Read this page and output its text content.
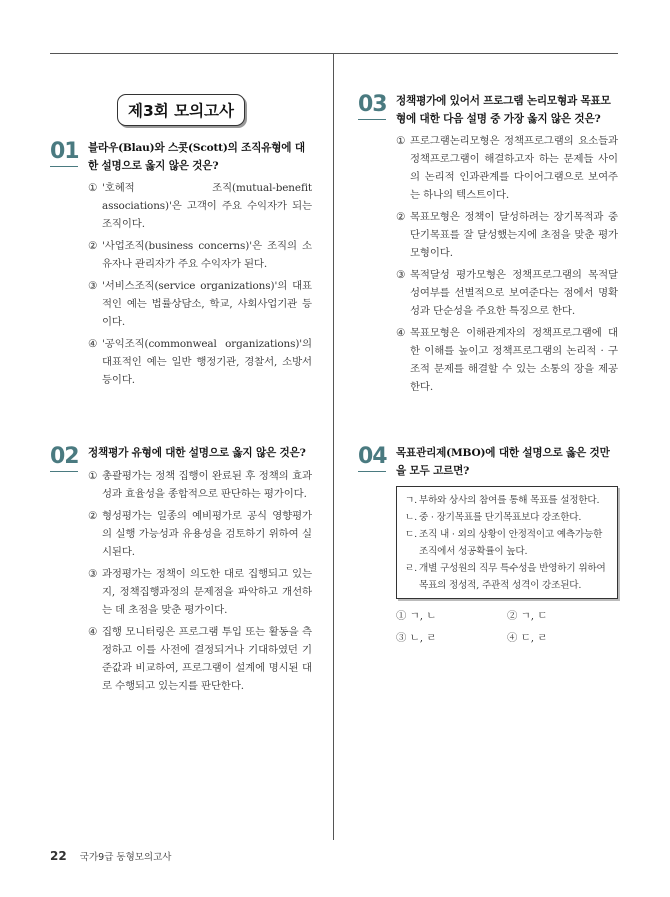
제3회 모의고사
01 블라우(Blau)와 스콧(Scott)의 조직유형에 대한 설명으로 옳지 않은 것은?
① '호혜적 조직(mutual-benefit associations)'은 고객이 주요 수익자가 되는 조직이다.
② '사업조직(business concerns)'은 조직의 소유자나 관리자가 주요 수익자가 된다.
③ '서비스조직(service organizations)'의 대표적인 예는 법률상담소, 학교, 사회사업기관 등이다.
④ '공익조직(commonweal organizations)'의 대표적인 예는 일반 행정기관, 경찰서, 소방서 등이다.
02 정책평가 유형에 대한 설명으로 옳지 않은 것은?
① 총괄평가는 정책 집행이 완료된 후 정책의 효과성과 효율성을 종합적으로 판단하는 평가이다.
② 형성평가는 일종의 예비평가로 공식 영향평가의 실행 가능성과 유용성을 검토하기 위하여 실시된다.
③ 과정평가는 정책이 의도한 대로 집행되고 있는지, 정책집행과정의 문제점을 파악하고 개선하는 데 초점을 맞춘 평가이다.
④ 집행 모니터링은 프로그램 투입 또는 활동을 측정하고 이를 사전에 결정되거나 기대하였던 기준값과 비교하여, 프로그램이 설계에 명시된 대로 수행되고 있는지를 판단한다.
03 정책평가에 있어서 프로그램 논리모형과 목표모형에 대한 다음 설명 중 가장 옳지 않은 것은?
① 프로그램논리모형은 정책프로그램의 요소들과 정책프로그램이 해결하고자 하는 문제들 사이의 논리적 인과관계를 다이어그램으로 보여주는 하나의 텍스트이다.
② 목표모형은 정책이 달성하려는 장기목적과 중단기목표를 잘 달성했는지에 초점을 맞춘 평가모형이다.
③ 목적달성 평가모형은 정책프로그램의 목적달성여부를 선별적으로 보여준다는 점에서 명확성과 단순성을 주요한 특징으로 한다.
④ 목표모형은 이해관계자의 정책프로그램에 대한 이해를 높이고 정책프로그램의 논리적 · 구조적 문제를 해결할 수 있는 소통의 장을 제공한다.
04 목표관리제(MBO)에 대한 설명으로 옳은 것만을 모두 고르면?
ㄱ. 부하와 상사의 참여를 통해 목표를 설정한다.
ㄴ. 중 · 장기목표를 단기목표보다 강조한다.
ㄷ. 조직 내 · 외의 상황이 안정적이고 예측가능한 조직에서 성공확률이 높다.
ㄹ. 개별 구성원의 직무 특수성을 반영하기 위하여 목표의 정성적, 주관적 성격이 강조된다.
① ㄱ, ㄴ	② ㄱ, ㄷ
③ ㄴ, ㄹ	④ ㄷ, ㄹ
22 국가9급 동형모의고사
